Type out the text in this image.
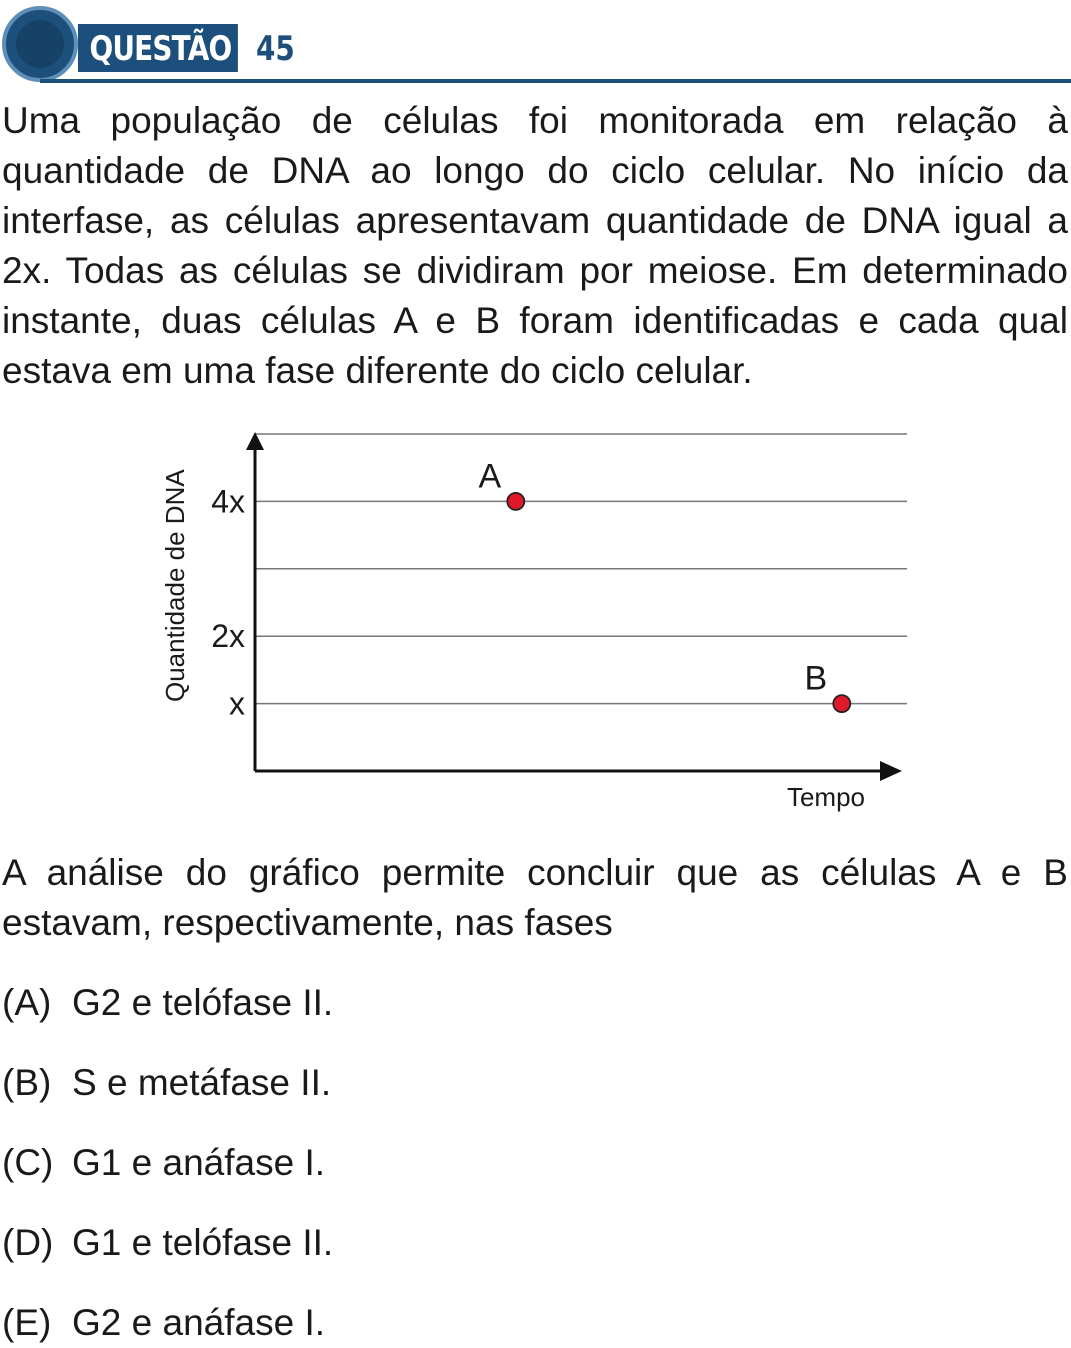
QUESTÃO 45

Uma população de células foi monitorada em relação à quantidade de DNA ao longo do ciclo celular. No início da interfase, as células apresentavam quantidade de DNA igual a 2x. Todas as células se dividiram por meiose. Em determinado instante, duas células A e B foram identificadas e cada qual estava em uma fase diferente do ciclo celular.

x
2x
4x
Quantidade de DNA
Tempo
A
B

A análise do gráfico permite concluir que as células A e B estavam, respectivamente, nas fases

(A) G2 e telófase II.
(B) S e metáfase II.
(C) G1 e anáfase I.
(D) G1 e telófase II.
(E) G2 e anáfase I.
